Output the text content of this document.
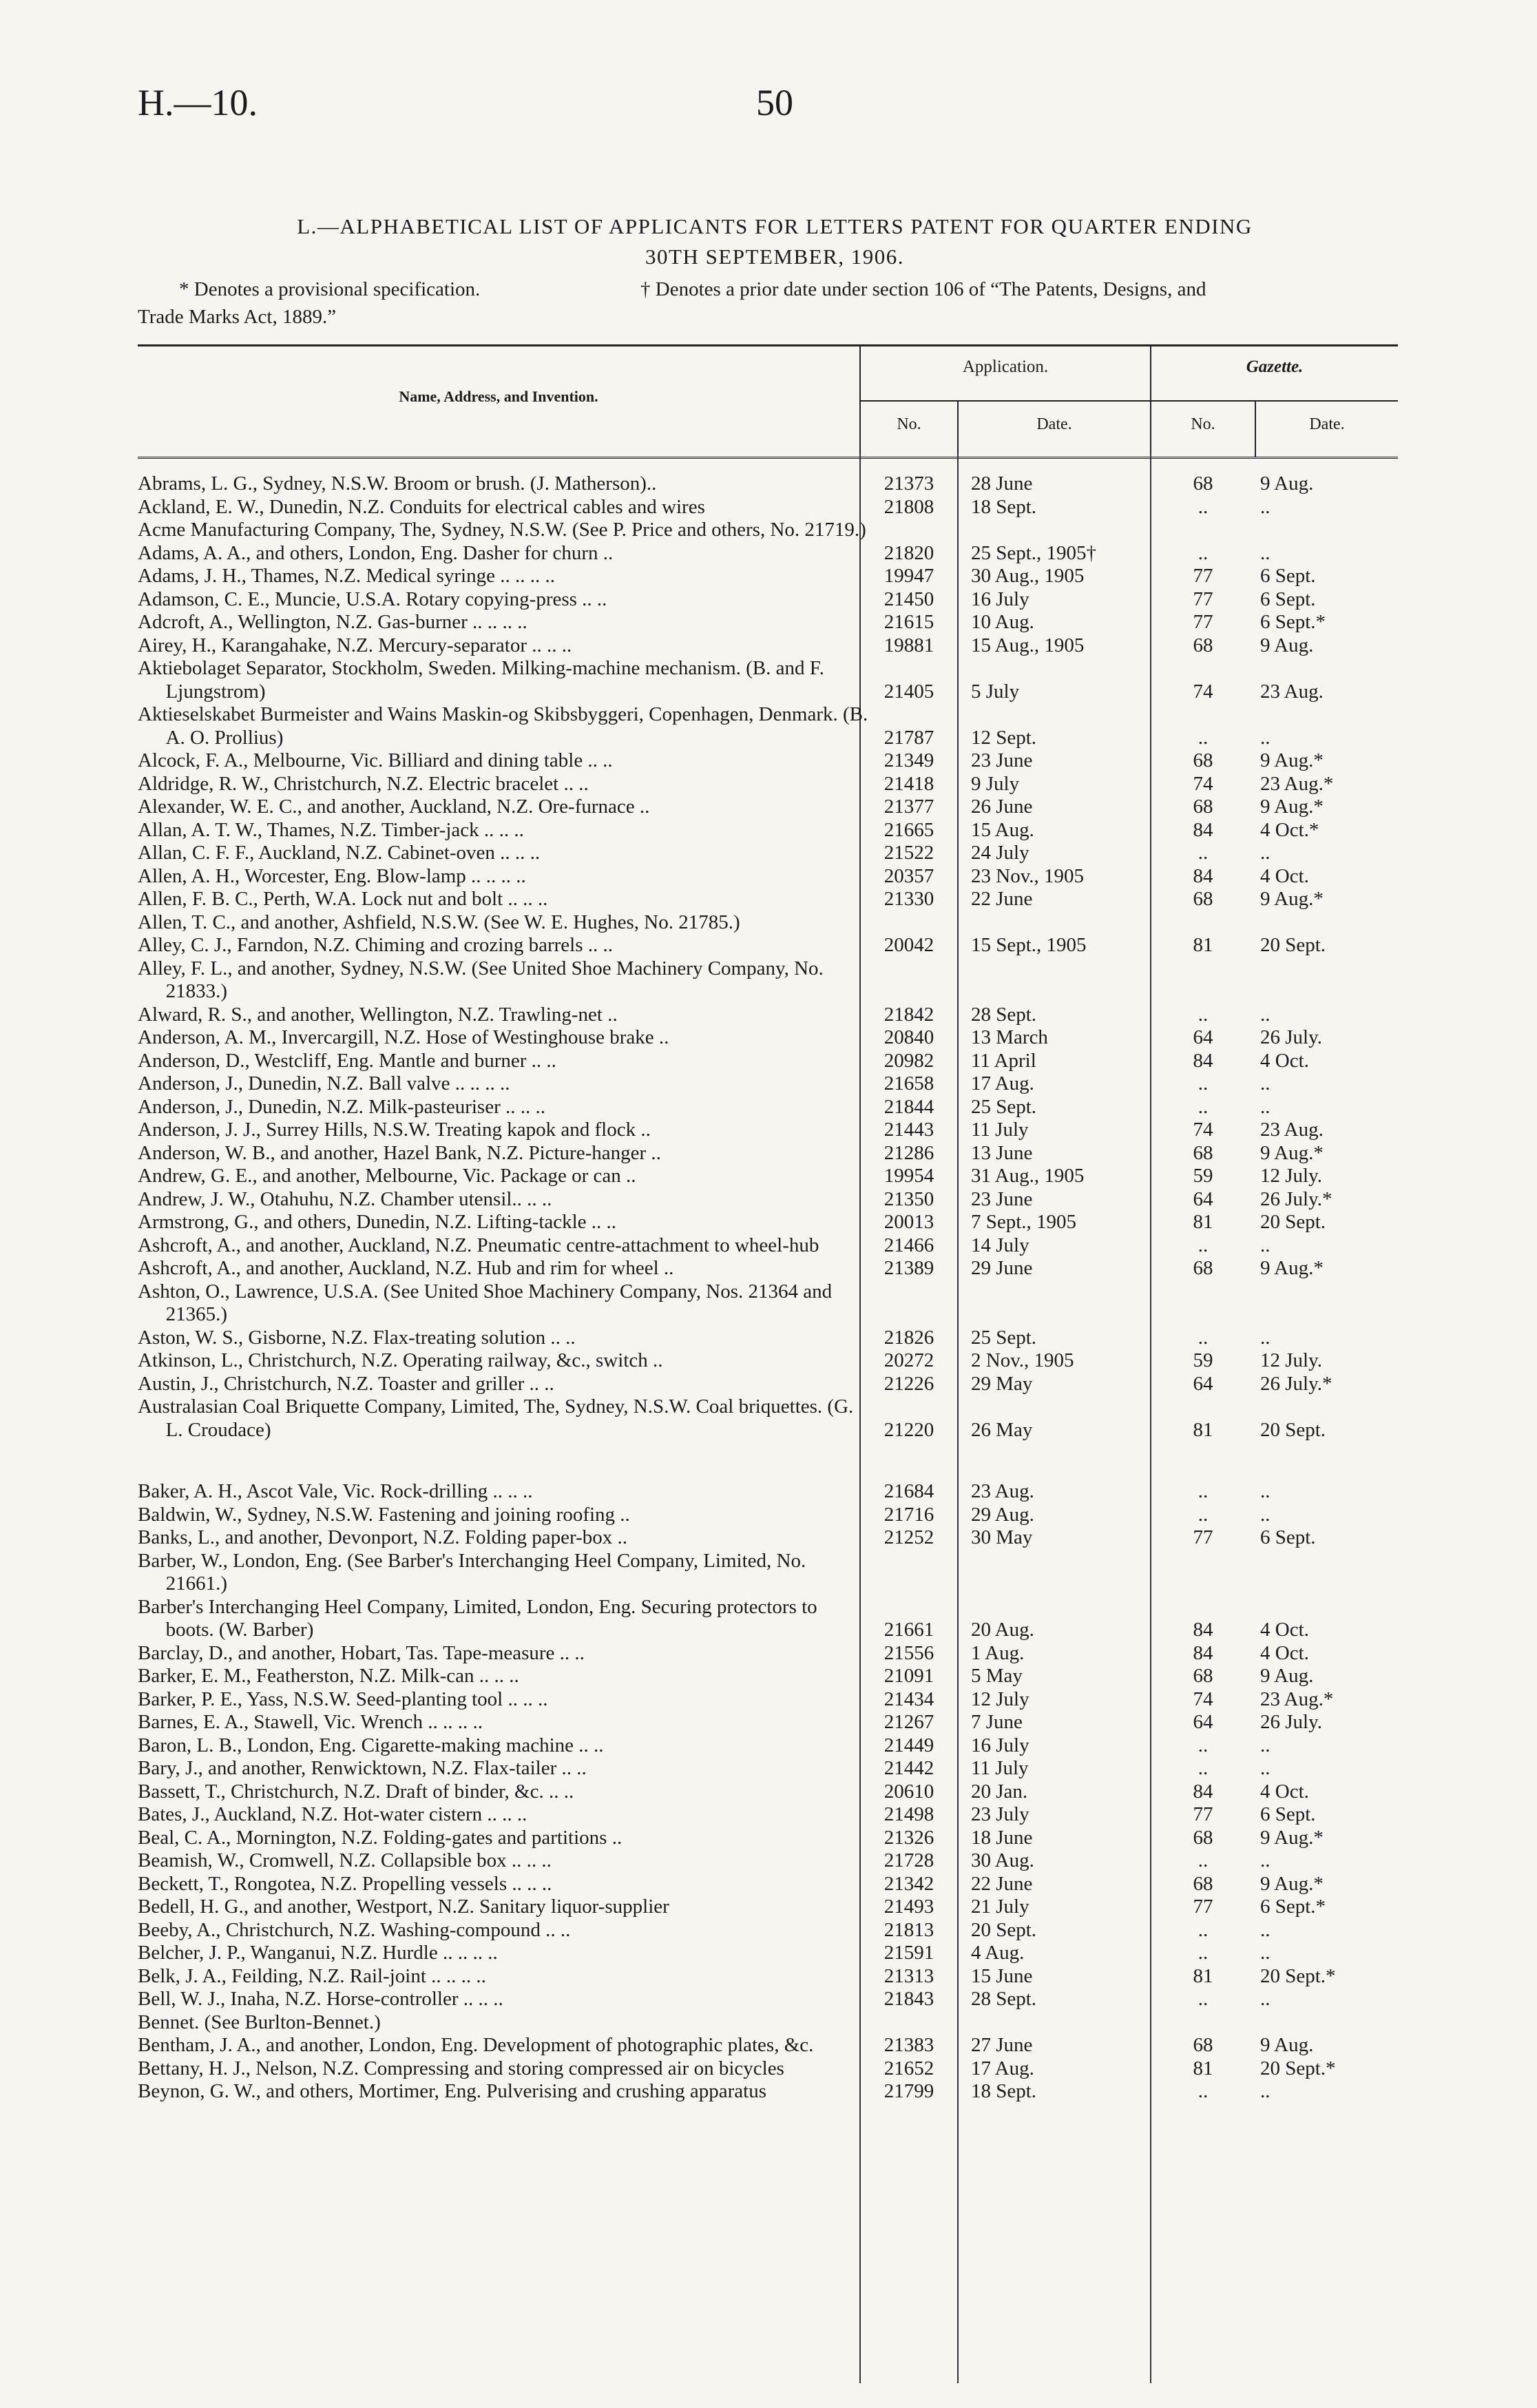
H.—10.	50
L.—ALPHABETICAL LIST OF APPLICANTS FOR LETTERS PATENT FOR QUARTER ENDING
30TH SEPTEMBER, 1906.
* Denotes a provisional specification.	† Denotes a prior date under section 106 of “The Patents, Designs, and
Trade Marks Act, 1889.”
Name, Address, and Invention.
Application.	Gazette.
No.	Date.	No.	Date.
Abrams, L. G., Sydney, N.S.W. Broom or brush. (J. Matherson)..	21373	28 June	68	9 Aug.
Ackland, E. W., Dunedin, N.Z. Conduits for electrical cables and wires	21808	18 Sept.	..	..
Acme Manufacturing Company, The, Sydney, N.S.W. (See P. Price and others, No. 21719.)
Adams, A. A., and others, London, Eng. Dasher for churn ..	21820	25 Sept., 1905†	..	..
Adams, J. H., Thames, N.Z. Medical syringe .. .. .. ..	19947	30 Aug., 1905	77	6 Sept.
Adamson, C. E., Muncie, U.S.A. Rotary copying-press .. ..	21450	16 July	77	6 Sept.
Adcroft, A., Wellington, N.Z. Gas-burner .. .. .. ..	21615	10 Aug.	77	6 Sept.*
Airey, H., Karangahake, N.Z. Mercury-separator .. .. ..	19881	15 Aug., 1905	68	9 Aug.
Aktiebolaget Separator, Stockholm, Sweden. Milking-machine mechanism. (B. and F. Ljungstrom)	21405	5 July	74	23 Aug.
Aktieselskabet Burmeister and Wains Maskin-og Skibsbyggeri, Copenhagen, Denmark. (B. A. O. Prollius)	21787	12 Sept.	..	..
Alcock, F. A., Melbourne, Vic. Billiard and dining table .. ..	21349	23 June	68	9 Aug.*
Aldridge, R. W., Christchurch, N.Z. Electric bracelet .. ..	21418	9 July	74	23 Aug.*
Alexander, W. E. C., and another, Auckland, N.Z. Ore-furnace ..	21377	26 June	68	9 Aug.*
Allan, A. T. W., Thames, N.Z. Timber-jack .. .. ..	21665	15 Aug.	84	4 Oct.*
Allan, C. F. F., Auckland, N.Z. Cabinet-oven .. .. ..	21522	24 July	..	..
Allen, A. H., Worcester, Eng. Blow-lamp .. .. .. ..	20357	23 Nov., 1905	84	4 Oct.
Allen, F. B. C., Perth, W.A. Lock nut and bolt .. .. ..	21330	22 June	68	9 Aug.*
Allen, T. C., and another, Ashfield, N.S.W. (See W. E. Hughes, No. 21785.)
Alley, C. J., Farndon, N.Z. Chiming and crozing barrels .. ..	20042	15 Sept., 1905	81	20 Sept.
Alley, F. L., and another, Sydney, N.S.W. (See United Shoe Machinery Company, No. 21833.)
Alward, R. S., and another, Wellington, N.Z. Trawling-net ..	21842	28 Sept.	..	..
Anderson, A. M., Invercargill, N.Z. Hose of Westinghouse brake ..	20840	13 March	64	26 July.
Anderson, D., Westcliff, Eng. Mantle and burner .. ..	20982	11 April	84	4 Oct.
Anderson, J., Dunedin, N.Z. Ball valve .. .. .. ..	21658	17 Aug.	..	..
Anderson, J., Dunedin, N.Z. Milk-pasteuriser .. .. ..	21844	25 Sept.	..	..
Anderson, J. J., Surrey Hills, N.S.W. Treating kapok and flock ..	21443	11 July	74	23 Aug.
Anderson, W. B., and another, Hazel Bank, N.Z. Picture-hanger ..	21286	13 June	68	9 Aug.*
Andrew, G. E., and another, Melbourne, Vic. Package or can ..	19954	31 Aug., 1905	59	12 July.
Andrew, J. W., Otahuhu, N.Z. Chamber utensil.. .. ..	21350	23 June	64	26 July.*
Armstrong, G., and others, Dunedin, N.Z. Lifting-tackle .. ..	20013	7 Sept., 1905	81	20 Sept.
Ashcroft, A., and another, Auckland, N.Z. Pneumatic centre-attachment to wheel-hub	21466	14 July	..	..
Ashcroft, A., and another, Auckland, N.Z. Hub and rim for wheel ..	21389	29 June	68	9 Aug.*
Ashton, O., Lawrence, U.S.A. (See United Shoe Machinery Company, Nos. 21364 and 21365.)
Aston, W. S., Gisborne, N.Z. Flax-treating solution .. ..	21826	25 Sept.	..	..
Atkinson, L., Christchurch, N.Z. Operating railway, &c., switch ..	20272	2 Nov., 1905	59	12 July.
Austin, J., Christchurch, N.Z. Toaster and griller .. ..	21226	29 May	64	26 July.*
Australasian Coal Briquette Company, Limited, The, Sydney, N.S.W. Coal briquettes. (G. L. Croudace)	21220	26 May	81	20 Sept.
Baker, A. H., Ascot Vale, Vic. Rock-drilling .. .. ..	21684	23 Aug.	..	..
Baldwin, W., Sydney, N.S.W. Fastening and joining roofing ..	21716	29 Aug.	..	..
Banks, L., and another, Devonport, N.Z. Folding paper-box ..	21252	30 May	77	6 Sept.
Barber, W., London, Eng. (See Barber's Interchanging Heel Company, Limited, No. 21661.)
Barber's Interchanging Heel Company, Limited, London, Eng. Securing protectors to boots. (W. Barber)	21661	20 Aug.	84	4 Oct.
Barclay, D., and another, Hobart, Tas. Tape-measure .. ..	21556	1 Aug.	84	4 Oct.
Barker, E. M., Featherston, N.Z. Milk-can .. .. ..	21091	5 May	68	9 Aug.
Barker, P. E., Yass, N.S.W. Seed-planting tool .. .. ..	21434	12 July	74	23 Aug.*
Barnes, E. A., Stawell, Vic. Wrench .. .. .. ..	21267	7 June	64	26 July.
Baron, L. B., London, Eng. Cigarette-making machine .. ..	21449	16 July	..	..
Bary, J., and another, Renwicktown, N.Z. Flax-tailer .. ..	21442	11 July	..	..
Bassett, T., Christchurch, N.Z. Draft of binder, &c. .. ..	20610	20 Jan.	84	4 Oct.
Bates, J., Auckland, N.Z. Hot-water cistern .. .. ..	21498	23 July	77	6 Sept.
Beal, C. A., Mornington, N.Z. Folding-gates and partitions ..	21326	18 June	68	9 Aug.*
Beamish, W., Cromwell, N.Z. Collapsible box .. .. ..	21728	30 Aug.	..	..
Beckett, T., Rongotea, N.Z. Propelling vessels .. .. ..	21342	22 June	68	9 Aug.*
Bedell, H. G., and another, Westport, N.Z. Sanitary liquor-supplier	21493	21 July	77	6 Sept.*
Beeby, A., Christchurch, N.Z. Washing-compound .. ..	21813	20 Sept.	..	..
Belcher, J. P., Wanganui, N.Z. Hurdle .. .. .. ..	21591	4 Aug.	..	..
Belk, J. A., Feilding, N.Z. Rail-joint .. .. .. ..	21313	15 June	81	20 Sept.*
Bell, W. J., Inaha, N.Z. Horse-controller .. .. ..	21843	28 Sept.	..	..
Bennet. (See Burlton-Bennet.)
Bentham, J. A., and another, London, Eng. Development of photographic plates, &c.	21383	27 June	68	9 Aug.
Bettany, H. J., Nelson, N.Z. Compressing and storing compressed air on bicycles	21652	17 Aug.	81	20 Sept.*
Beynon, G. W., and others, Mortimer, Eng. Pulverising and crushing apparatus	21799	18 Sept.	..	..
